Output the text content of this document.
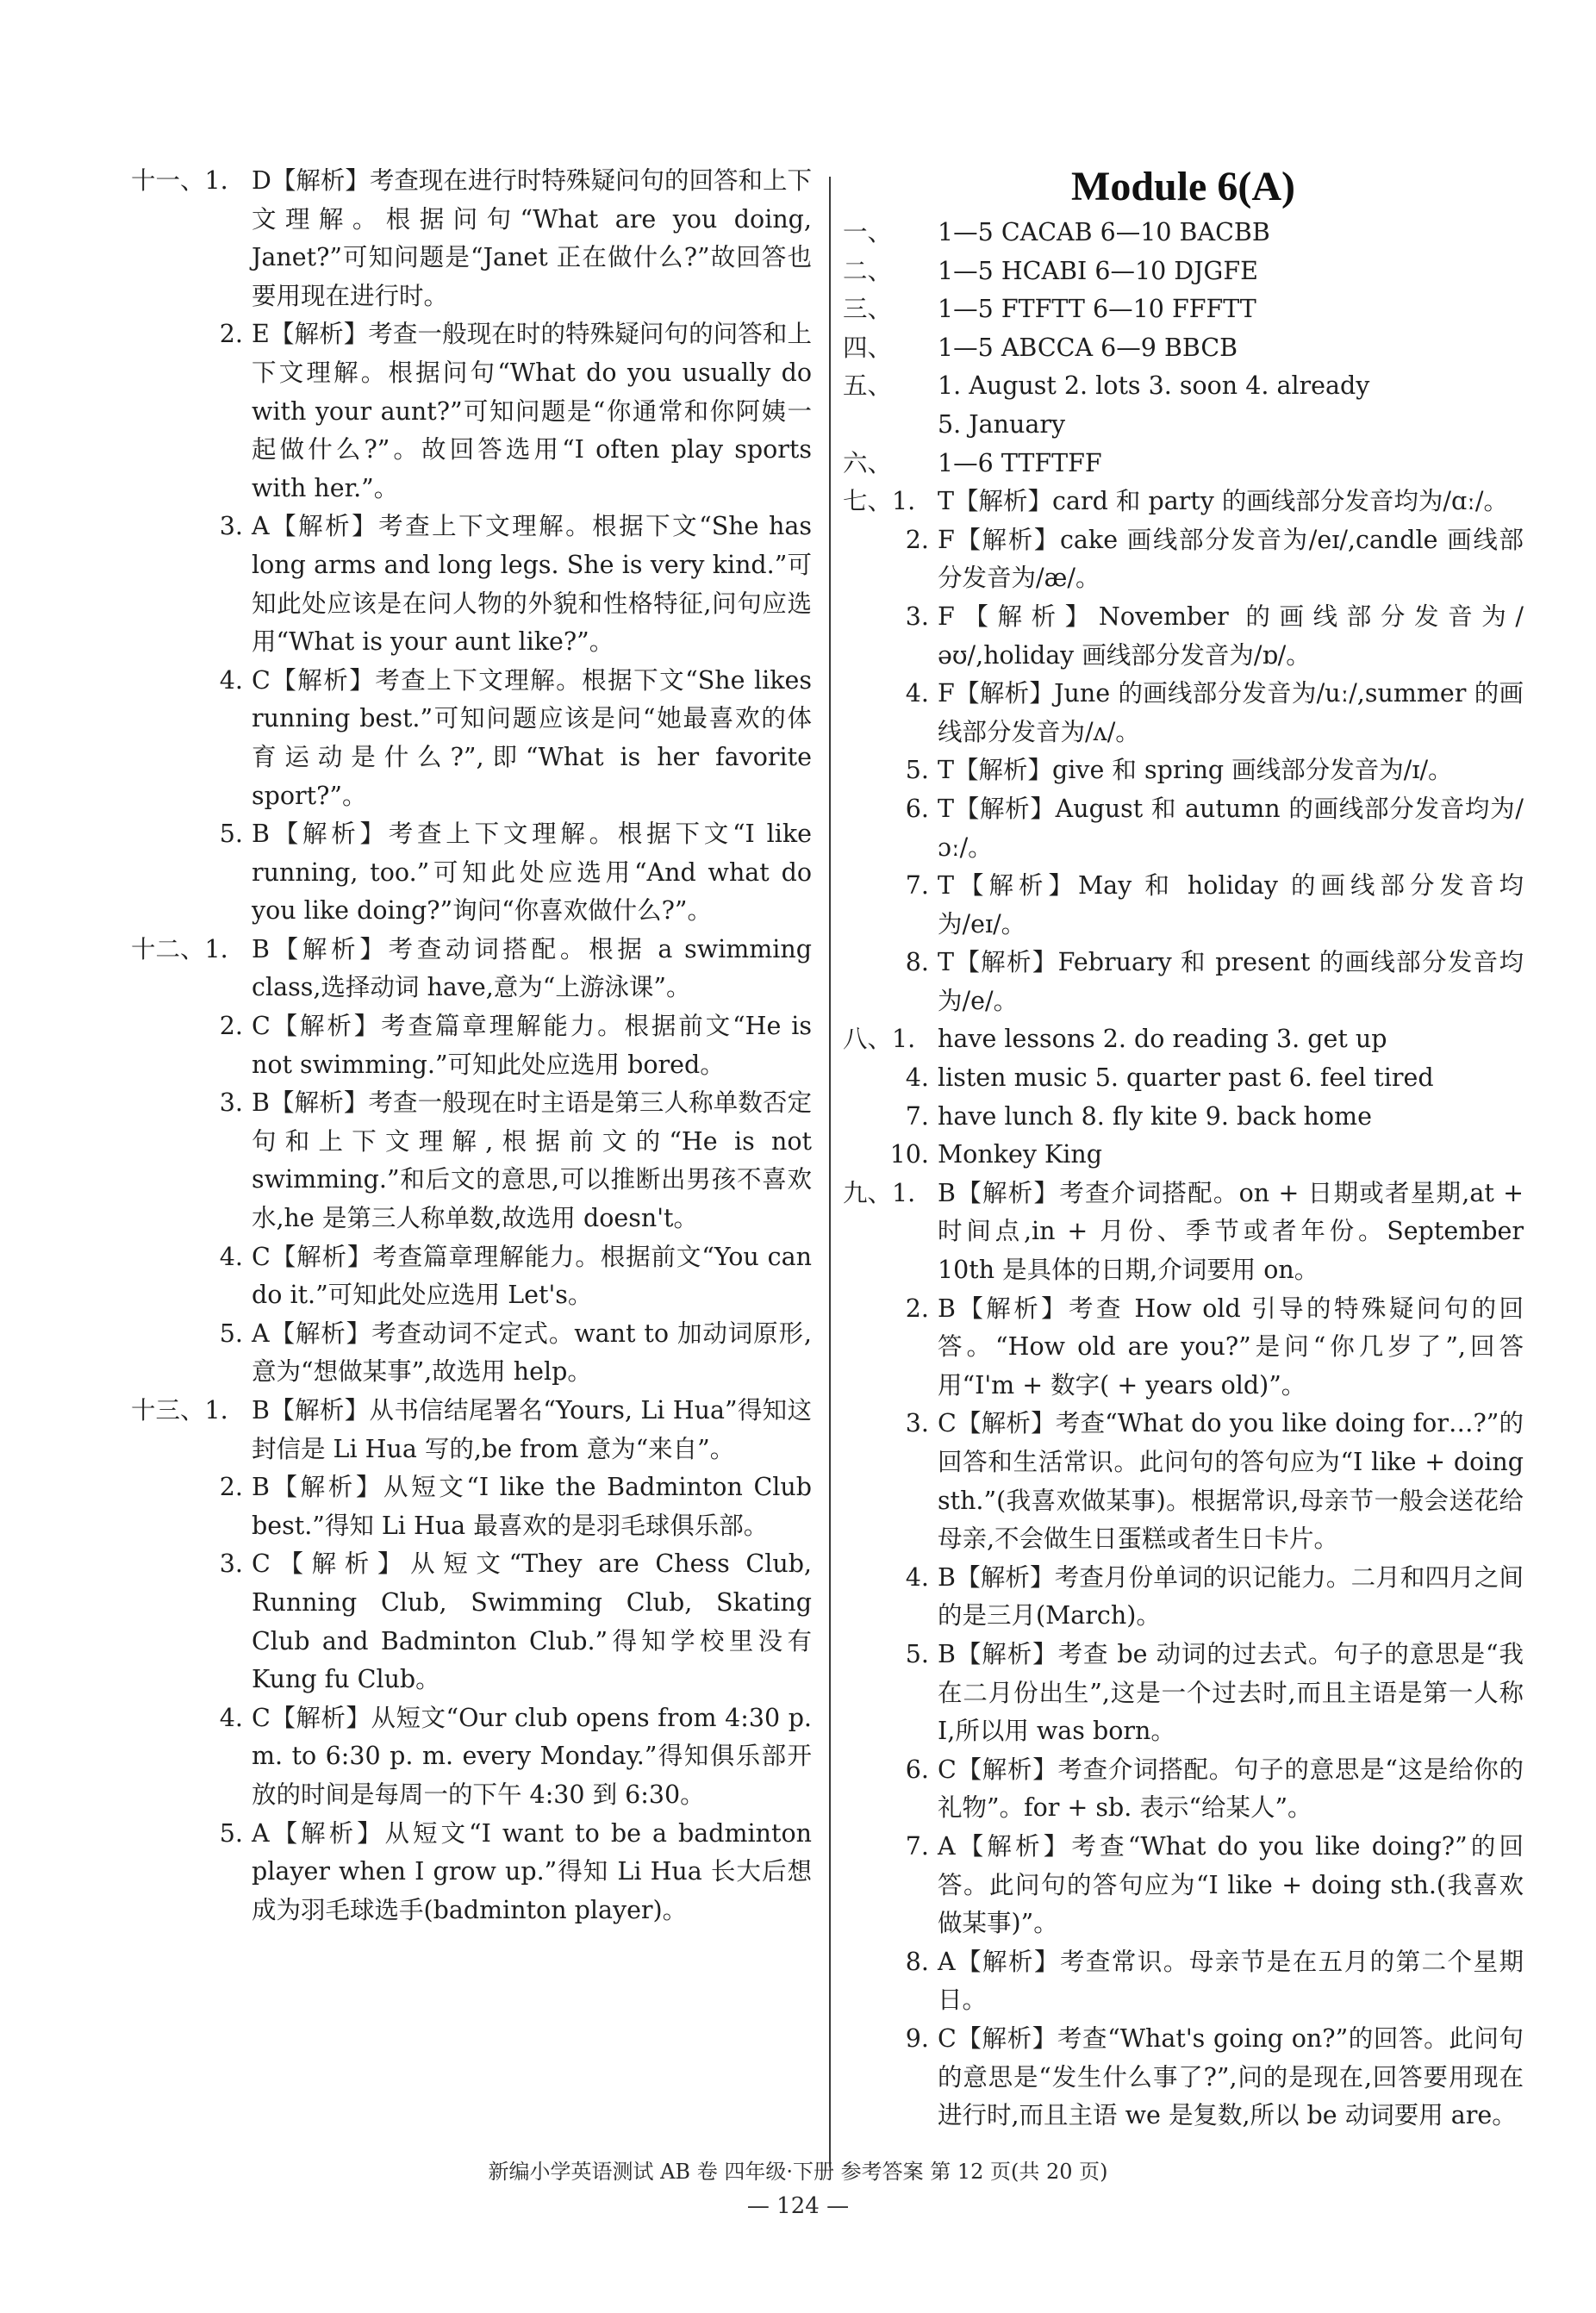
十一、1. D【解析】考查现在进行时特殊疑问句的回答和上下文理解。根据问句“What are you doing, Janet?”可知问题是“Janet 正在做什么?”故回答也要用现在进行时。

2. E【解析】考查一般现在时的特殊疑问句的问答和上下文理解。根据问句“What do you usually do with your aunt?”可知问题是“你通常和你阿姨一起做什么?”。故回答选用“I often play sports with her.”。

3. A【解析】考查上下文理解。根据下文“She has long arms and long legs. She is very kind.”可知此处应该是在问人物的外貌和性格特征,问句应选用“What is your aunt like?”。

4. C【解析】考查上下文理解。根据下文“She likes running best.”可知问题应该是问“她最喜欢的体育运动是什么?”,即“What is her favorite sport?”。

5. B【解析】考查上下文理解。根据下文“I like running, too.”可知此处应选用“And what do you like doing?”询问“你喜欢做什么?”。

十二、1. B【解析】考查动词搭配。根据 a swimming class,选择动词 have,意为“上游泳课”。

2. C【解析】考查篇章理解能力。根据前文“He is not swimming.”可知此处应选用 bored。

3. B【解析】考查一般现在时主语是第三人称单数否定句和上下文理解,根据前文的“He is not swimming.”和后文的意思,可以推断出男孩不喜欢水,he 是第三人称单数,故选用 doesn't。

4. C【解析】考查篇章理解能力。根据前文“You can do it.”可知此处应选用 Let's。

5. A【解析】考查动词不定式。want to 加动词原形,意为“想做某事”,故选用 help。

十三、1. B【解析】从书信结尾署名“Yours, Li Hua”得知这封信是 Li Hua 写的,be from 意为“来自”。

2. B【解析】从短文“I like the Badminton Club best.”得知 Li Hua 最喜欢的是羽毛球俱乐部。

3. C【解析】从短文“They are Chess Club, Running Club, Swimming Club, Skating Club and Badminton Club.”得知学校里没有 Kung fu Club。

4. C【解析】从短文“Our club opens from 4:30 p. m. to 6:30 p. m. every Monday.”得知俱乐部开放的时间是每周一的下午 4:30 到 6:30。

5. A【解析】从短文“I want to be a badminton player when I grow up.”得知 Li Hua 长大后想成为羽毛球选手(badminton player)。

Module 6(A)
一、 1—5 CACAB 6—10 BACBB

二、 1—5 HCABI 6—10 DJGFE

三、 1—5 FTFTT 6—10 FFFTT

四、 1—5 ABCCA 6—9 BBCB

五、 1. August 2. lots 3. soon 4. already

5. January

六、 1—6 TTFTFF

七、1. T【解析】card 和 party 的画线部分发音均为/ɑː/。

2. F【解析】cake 画线部分发音为/eɪ/,candle 画线部分发音为/æ/。

3. F【解析】November 的画线部分发音为/əʊ/,holiday 画线部分发音为/ɒ/。

4. F【解析】June 的画线部分发音为/uː/,summer 的画线部分发音为/ʌ/。

5. T【解析】give 和 spring 画线部分发音为/ɪ/。

6. T【解析】August 和 autumn 的画线部分发音均为/ɔː/。

7. T【解析】May 和 holiday 的画线部分发音均为/eɪ/。

8. T【解析】February 和 present 的画线部分发音均为/e/。

八、1. have lessons 2. do reading 3. get up

4. listen music 5. quarter past 6. feel tired

7. have lunch 8. fly kite 9. back home

10. Monkey King

九、1. B【解析】考查介词搭配。on + 日期或者星期,at + 时间点,in + 月份、季节或者年份。September 10th 是具体的日期,介词要用 on。

2. B【解析】考查 How old 引导的特殊疑问句的回答。“How old are you?”是问“你几岁了”,回答用“I'm + 数字( + years old)”。

3. C【解析】考查“What do you like doing for…?”的回答和生活常识。此问句的答句应为“I like + doing sth.”(我喜欢做某事)。根据常识,母亲节一般会送花给母亲,不会做生日蛋糕或者生日卡片。

4. B【解析】考查月份单词的识记能力。二月和四月之间的是三月(March)。

5. B【解析】考查 be 动词的过去式。句子的意思是“我在二月份出生”,这是一个过去时,而且主语是第一人称 I,所以用 was born。

6. C【解析】考查介词搭配。句子的意思是“这是给你的礼物”。for + sb. 表示“给某人”。

7. A【解析】考查“What do you like doing?”的回答。此问句的答句应为“I like + doing sth.(我喜欢做某事)”。

8. A【解析】考查常识。母亲节是在五月的第二个星期日。

9. C【解析】考查“What's going on?”的回答。此问句的意思是“发生什么事了?”,问的是现在,回答要用现在进行时,而且主语 we 是复数,所以 be 动词要用 are。

新编小学英语测试 AB 卷 四年级·下册 参考答案 第 12 页(共 20 页)
— 124 —
